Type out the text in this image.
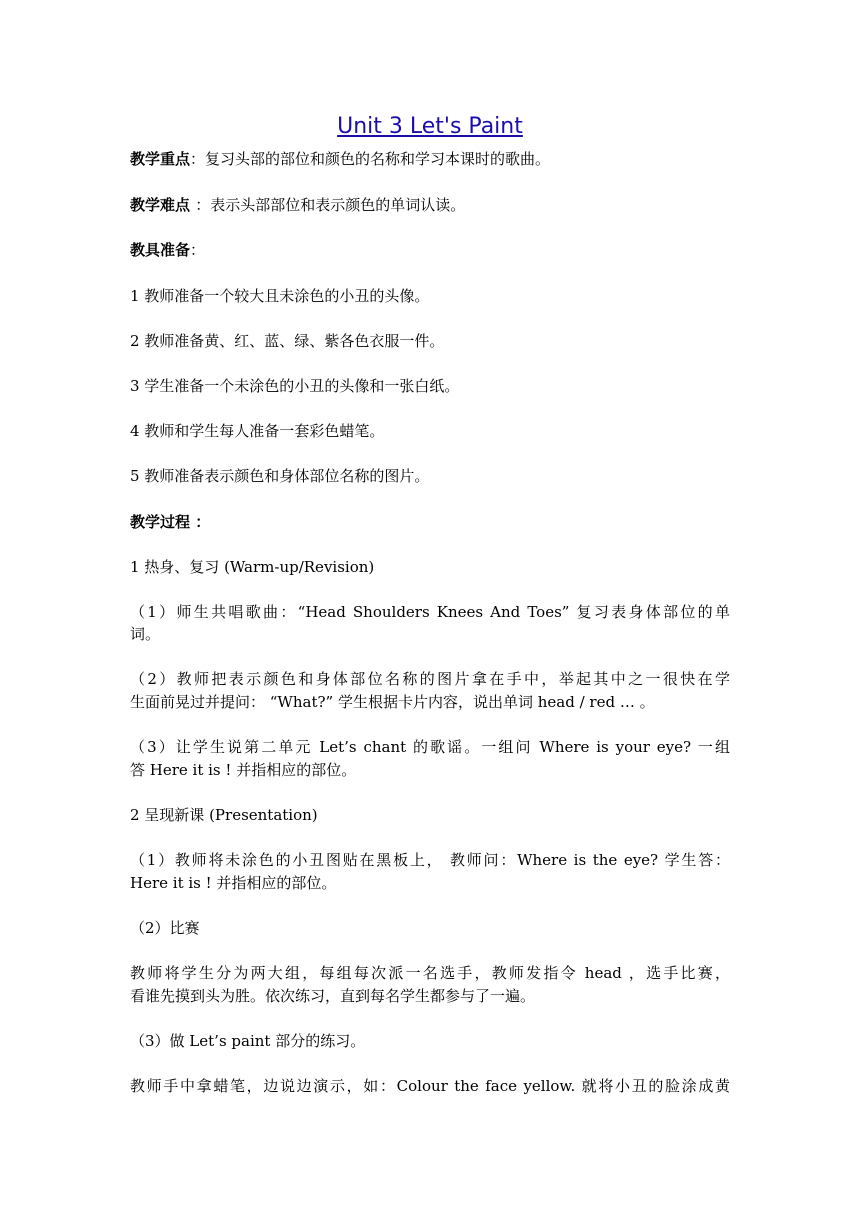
Unit 3 Let's Paint
教学重点：复习头部的部位和颜色的名称和学习本课时的歌曲。
教学难点 ：表示头部部位和表示颜色的单词认读。
教具准备：
1 教师准备一个较大且未涂色的小丑的头像。
2 教师准备黄、红、蓝、绿、紫各色衣服一件。
3 学生准备一个未涂色的小丑的头像和一张白纸。
4 教师和学生每人准备一套彩色蜡笔。
5 教师准备表示颜色和身体部位名称的图片。
教学过程 ：
1 热身、复习 (Warm-up/Revision)
（1）师生共唱歌曲：“Head Shoulders Knees And Toes” 复习表身体部位的单
词。
（2）教师把表示颜色和身体部位名称的图片拿在手中，举起其中之一很快在学
生面前晃过并提问： “What?” 学生根据卡片内容，说出单词 head / red … 。
（3）让学生说第二单元 Let’s chant 的歌谣。一组问 Where is your eye? 一组
答 Here it is ! 并指相应的部位。
2 呈现新课 (Presentation)
（1）教师将未涂色的小丑图贴在黑板上， 教师问：Where is the eye? 学生答：
Here it is ! 并指相应的部位。
（2）比赛
教师将学生分为两大组，每组每次派一名选手，教师发指令 head ，选手比赛，
看谁先摸到头为胜。依次练习，直到每名学生都参与了一遍。
（3）做 Let’s paint 部分的练习。
教师手中拿蜡笔，边说边演示，如：Colour the face yellow. 就将小丑的脸涂成黄
